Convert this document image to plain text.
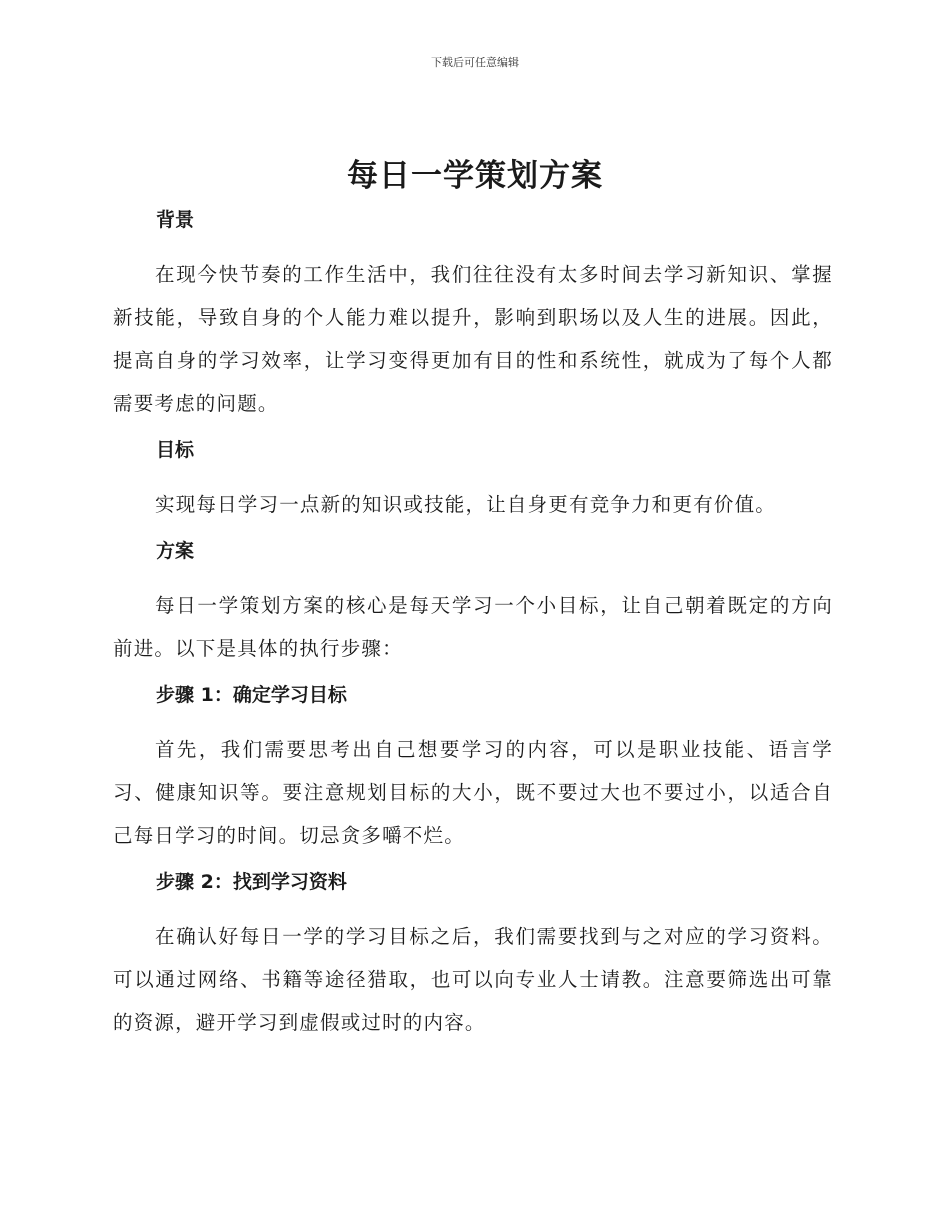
下载后可任意编辑
每日一学策划方案
背景

在现今快节奏的工作生活中，我们往往没有太多时间去学习新知识、掌握新技能，导致自身的个人能力难以提升，影响到职场以及人生的进展。因此，提高自身的学习效率，让学习变得更加有目的性和系统性，就成为了每个人都需要考虑的问题。

目标

实现每日学习一点新的知识或技能，让自身更有竞争力和更有价值。

方案

每日一学策划方案的核心是每天学习一个小目标，让自己朝着既定的方向前进。以下是具体的执行步骤：

步骤 1：确定学习目标

首先，我们需要思考出自己想要学习的内容，可以是职业技能、语言学习、健康知识等。要注意规划目标的大小，既不要过大也不要过小，以适合自己每日学习的时间。切忌贪多嚼不烂。

步骤 2：找到学习资料

在确认好每日一学的学习目标之后，我们需要找到与之对应的学习资料。可以通过网络、书籍等途径猎取，也可以向专业人士请教。注意要筛选出可靠的资源，避开学习到虚假或过时的内容。
